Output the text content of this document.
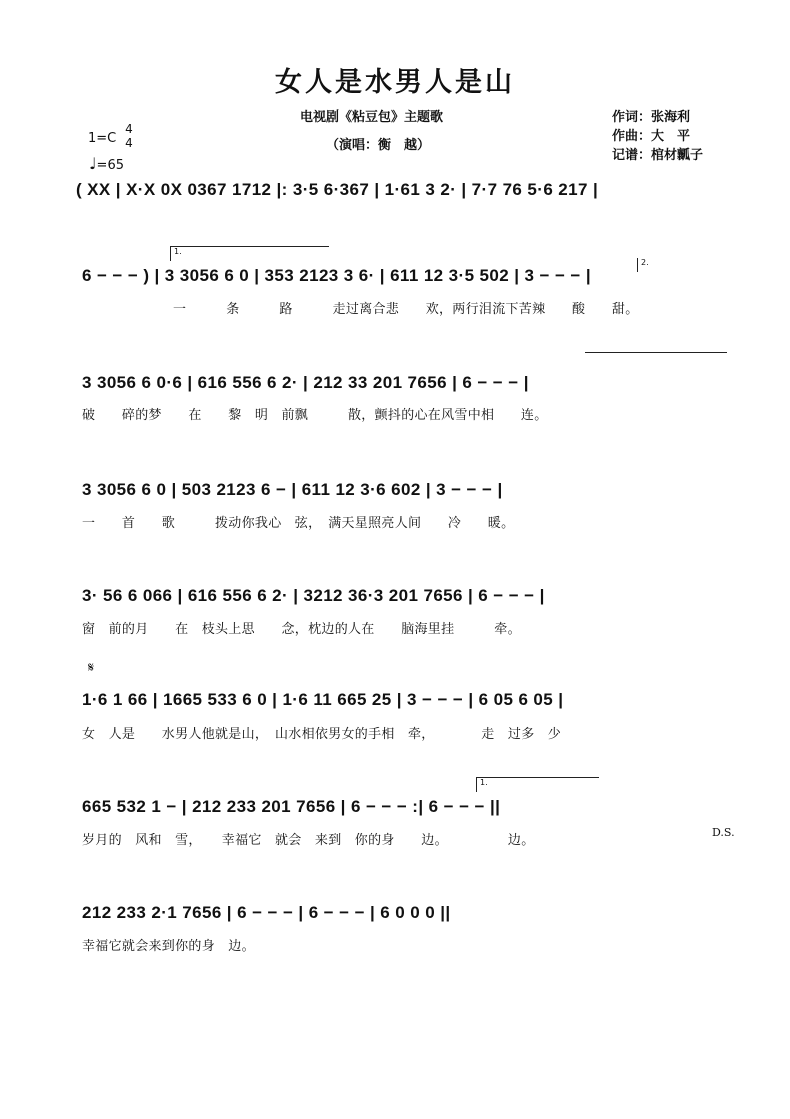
女人是水男人是山
电视剧《粘豆包》主题歌
（演唱：衡　越）
作词：张海利
作曲：大　平
记谱：棺材瓤子
1=C
4
4
♩=65
1.
2.
1.
𝄋
( XX | X·X 0X 0367 1712 |: 3·5 6·367 | 1·61 3 2· | 7·7 76 5·6 217 |
6 − − − ) | 3 3056 6 0 | 353 2123 3 6· | 611 12 3·5 502 | 3 − − − |
一　　　条　　　路　　　走过离合悲　　欢，两行泪流下苦辣　　酸　　甜。
3 3056 6 0·6 | 616 556 6 2· | 212 33 201 7656 | 6 − − − |
破　　碎的梦　　在　　黎　明　前飘　　　散，颤抖的心在风雪中相　　连。
3 3056 6 0 | 503 2123 6 − | 611 12 3·6 602 | 3 − − − |
一　　首　　歌　　　拨动你我心　弦，　满天星照亮人间　　冷　　暖。
3· 56 6 066 | 616 556 6 2· | 3212 36·3 201 7656 | 6 − − − |
窗　前的月　　在　枝头上思　　念，枕边的人在　　脑海里挂　　　牵。
1·6 1 66 | 1665 533 6 0 | 1·6 11 665 25 | 3 − − − | 6 05 6 05 |
女　人是　　水男人他就是山，　山水相依男女的手相　牵，　　　　走　过多　少
665 532 1 − | 212 233 201 7656 | 6 − − − :| 6 − − − ||
岁月的　风和　雪，　　幸福它　就会　来到　你的身　　边。　　　　　边。
D.S.
212 233 2·1 7656 | 6 − − − | 6 − − − | 6 0 0 0 ||
幸福它就会来到你的身　边。
